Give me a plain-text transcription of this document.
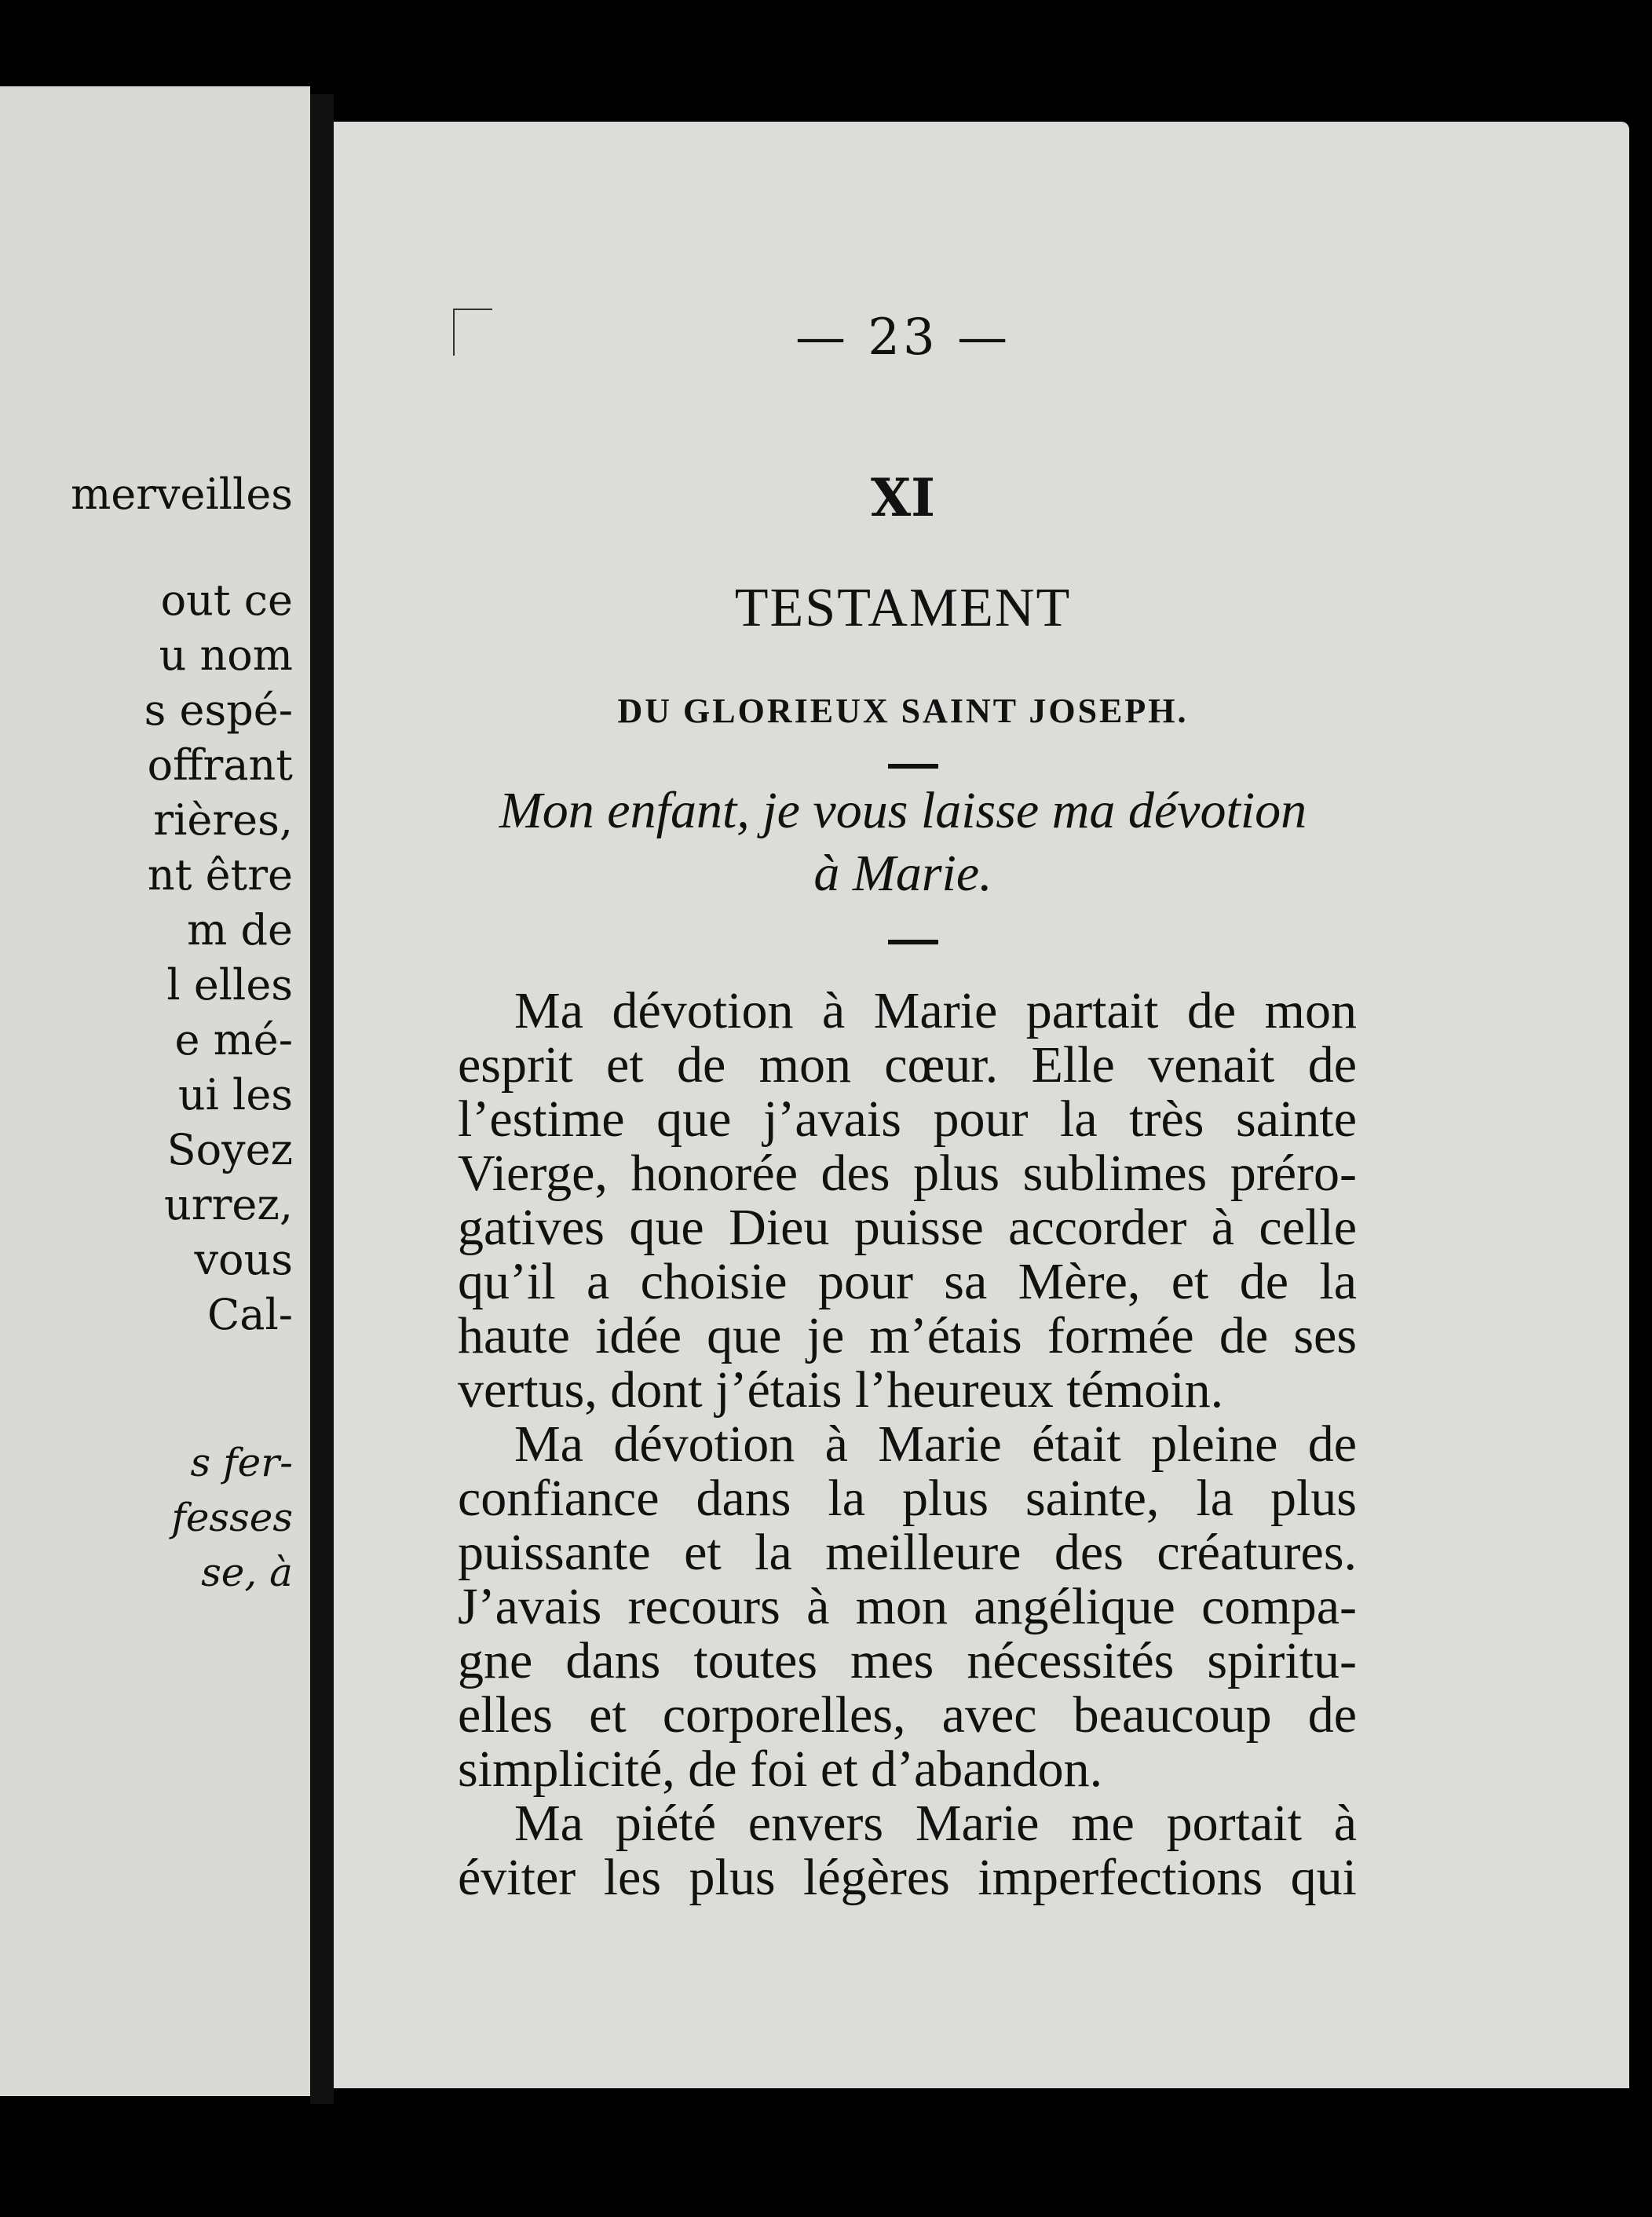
merveilles
out ce
u nom
s espé-
offrant
rières,
nt être
m de
l elles
e mé-
ui les
Soyez
urrez,
vous
Cal-
s fer-
fesses
se, à
— 23 —
XI
TESTAMENT
DU GLORIEUX SAINT JOSEPH.
Mon enfant, je vous laisse ma dévotion
à Marie.
Ma dévotion à Marie partait de mon
esprit et de mon cœur. Elle venait de
l’estime que j’avais pour la très sainte
Vierge, honorée des plus sublimes préro-
gatives que Dieu puisse accorder à celle
qu’il a choisie pour sa Mère, et de la
haute idée que je m’étais formée de ses
vertus, dont j’étais l’heureux témoin.
Ma dévotion à Marie était pleine de
confiance dans la plus sainte, la plus
puissante et la meilleure des créatures.
J’avais recours à mon angélique compa-
gne dans toutes mes nécessités spiritu-
elles et corporelles, avec beaucoup de
simplicité, de foi et d’abandon.
Ma piété envers Marie me portait à
éviter les plus légères imperfections qui
